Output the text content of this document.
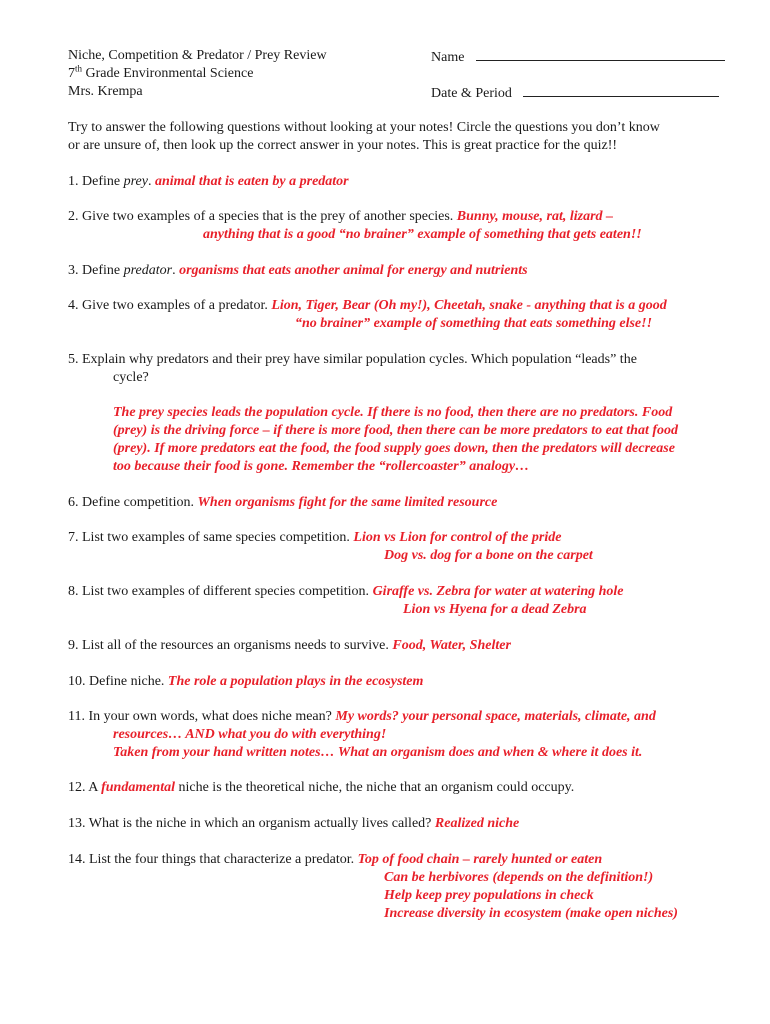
Niche, Competition & Predator / Prey Review
7th Grade Environmental Science
Mrs. Krempa
Name
Date & Period
Try to answer the following questions without looking at your notes! Circle the questions you don’t know
or are unsure of, then look up the correct answer in your notes. This is great practice for the quiz!!
1. Define prey. animal that is eaten by a predator
2. Give two examples of a species that is the prey of another species. Bunny, mouse, rat, lizard –
anything that is a good “no brainer” example of something that gets eaten!!
3. Define predator. organisms that eats another animal for energy and nutrients
4. Give two examples of a predator. Lion, Tiger, Bear (Oh my!), Cheetah, snake - anything that is a good
“no brainer” example of something that eats something else!!
5. Explain why predators and their prey have similar population cycles. Which population “leads” the
cycle?
The prey species leads the population cycle. If there is no food, then there are no predators. Food
(prey) is the driving force – if there is more food, then there can be more predators to eat that food
(prey). If more predators eat the food, the food supply goes down, then the predators will decrease
too because their food is gone. Remember the “rollercoaster” analogy…
6. Define competition. When organisms fight for the same limited resource
7. List two examples of same species competition. Lion vs Lion for control of the pride
Dog vs. dog for a bone on the carpet
8. List two examples of different species competition. Giraffe vs. Zebra for water at watering hole
Lion vs Hyena for a dead Zebra
9. List all of the resources an organisms needs to survive. Food, Water, Shelter
10. Define niche. The role a population plays in the ecosystem
11. In your own words, what does niche mean? My words? your personal space, materials, climate, and
resources… AND what you do with everything!
Taken from your hand written notes… What an organism does and when & where it does it.
12. A fundamental niche is the theoretical niche, the niche that an organism could occupy.
13. What is the niche in which an organism actually lives called? Realized niche
14. List the four things that characterize a predator. Top of food chain – rarely hunted or eaten
Can be herbivores (depends on the definition!)
Help keep prey populations in check
Increase diversity in ecosystem (make open niches)
